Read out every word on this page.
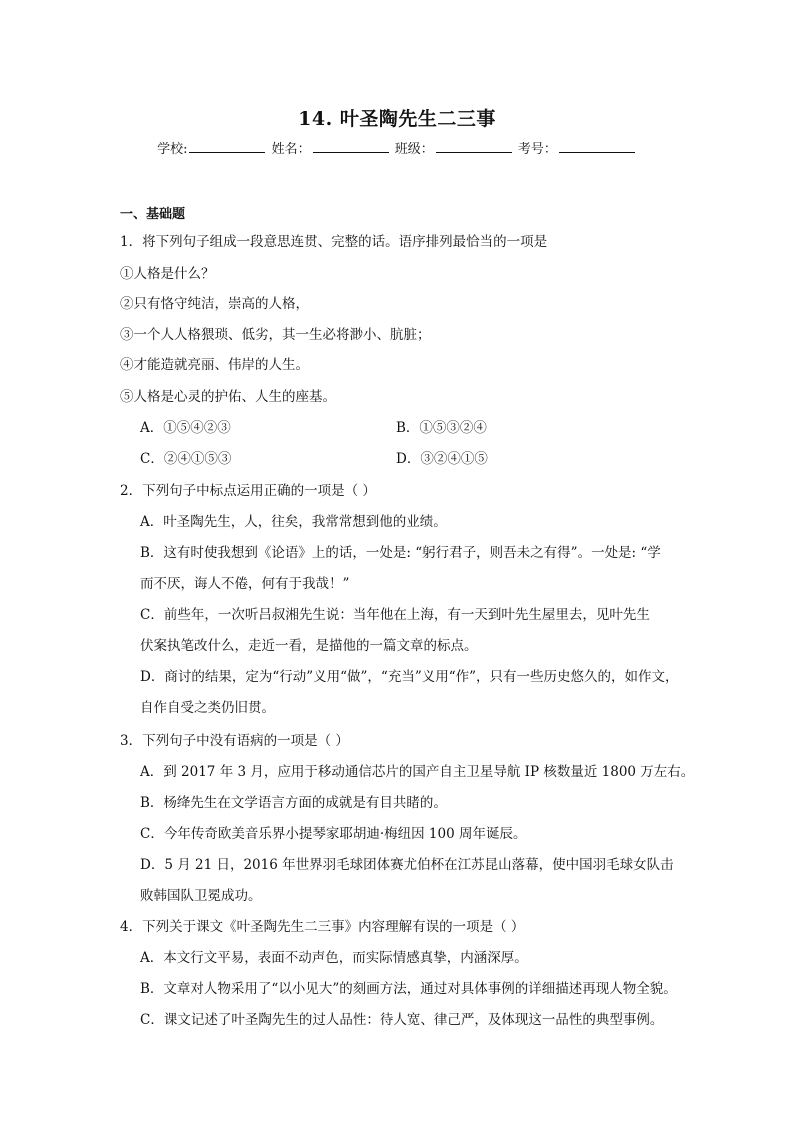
14. 叶圣陶先生二三事
学校:	姓名：	班级：	考号：
一、基础题
1．将下列句子组成一段意思连贯、完整的话。语序排列最恰当的一项是
①人格是什么？
②只有恪守纯洁，崇高的人格，
③一个人人格猥琐、低劣，其一生必将渺小、肮脏；
④才能造就亮丽、伟岸的人生。
⑤人格是心灵的护佑、人生的座基。
A．①⑤④②③	B．①⑤③②④
C．②④①⑤③	D．③②④①⑤
2．下列句子中标点运用正确的一项是（ ）
A．叶圣陶先生，人，往矣，我常常想到他的业绩。
B．这有时使我想到《论语》上的话，一处是: “躬行君子，则吾未之有得”。一处是: “学
而不厌，诲人不倦，何有于我哉！”
C．前些年，一次听吕叔湘先生说：当年他在上海，有一天到叶先生屋里去，见叶先生
伏案执笔改什么，走近一看，是描他的一篇文章的标点。
D．商讨的结果，定为“行动”义用“做”，“充当”义用“作”，只有一些历史悠久的，如作文，
自作自受之类仍旧贯。
3．下列句子中没有语病的一项是（ ）
A．到 2017 年 3 月，应用于移动通信芯片的国产自主卫星导航 IP 核数量近 1800 万左右。
B．杨绛先生在文学语言方面的成就是有目共睹的。
C．今年传奇欧美音乐界小提琴家耶胡迪·梅纽因 100 周年诞辰。
D．5 月 21 日，2016 年世界羽毛球团体赛尤伯杯在江苏昆山落幕，使中国羽毛球女队击
败韩国队卫冕成功。
4．下列关于课文《叶圣陶先生二三事》内容理解有误的一项是（ ）
A．本文行文平易，表面不动声色，而实际情感真挚，内涵深厚。
B．文章对人物采用了“以小见大”的刻画方法，通过对具体事例的详细描述再现人物全貌。
C．课文记述了叶圣陶先生的过人品性：待人宽、律己严，及体现这一品性的典型事例。
